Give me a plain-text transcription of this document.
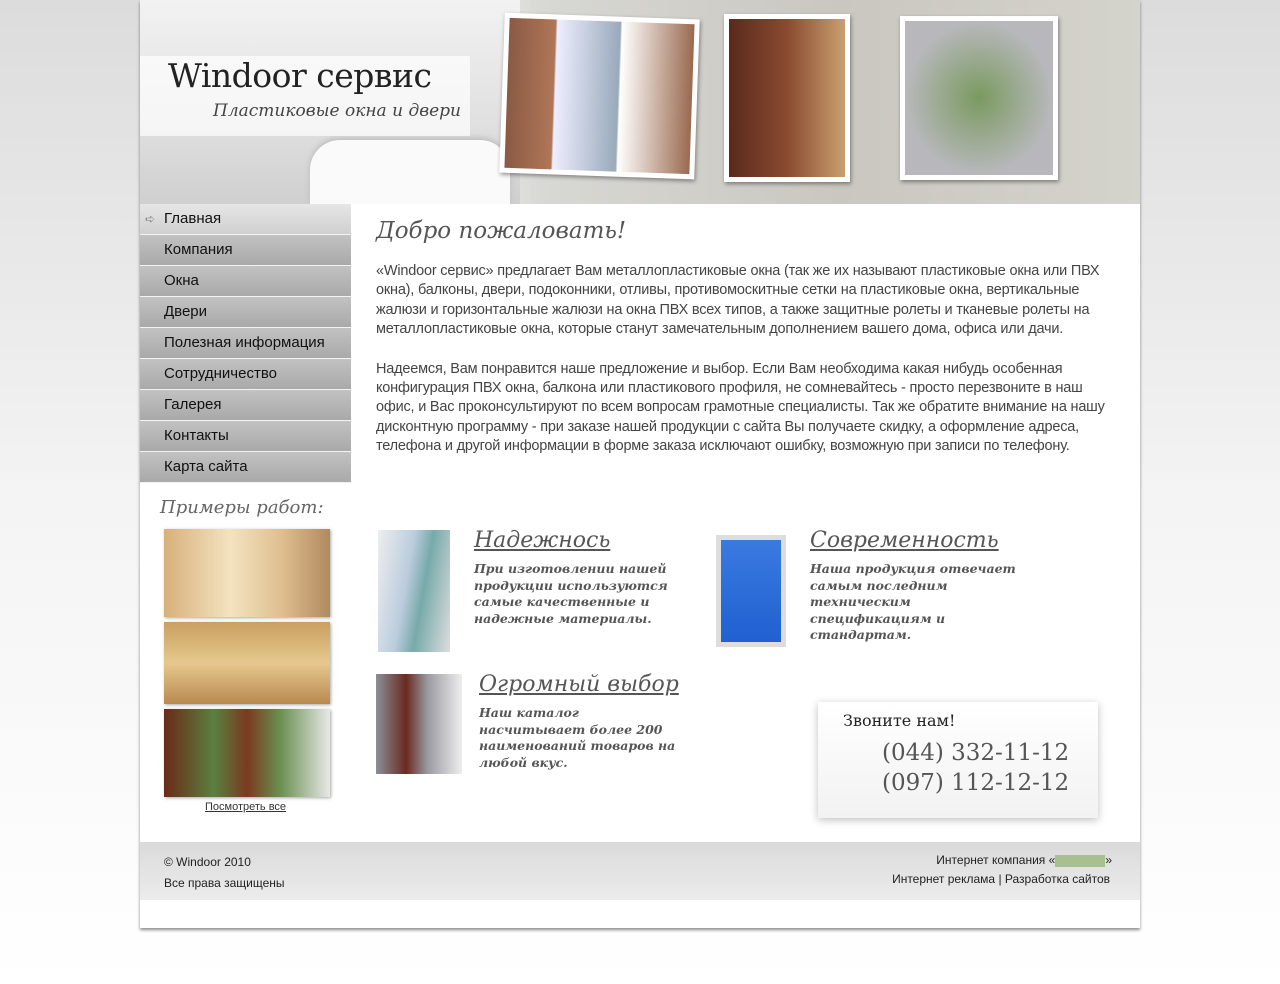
Windoor сервис
Пластиковые окна и двери
➪ Главная
Компания
Окна
Двери
Полезная информация
Сотрудничество
Галерея
Контакты
Карта сайта
Примеры работ:
Посмотреть все
Добро пожаловать!

«Windoor сервис» предлагает Вам металлопластиковые окна (так же их называют пластиковые окна или ПВХ окна), балконы, двери, подоконники, отливы, противомоскитные сетки на пластиковые окна, вертикальные жалюзи и горизонтальные жалюзи на окна ПВХ всех типов, а также защитные ролеты и тканевые ролеты на металлопластиковые окна, которые станут замечательным дополнением вашего дома, офиса или дачи.

Надеемся, Вам понравится наше предложение и выбор. Если Вам необходима какая нибудь особенная конфигурация ПВХ окна, балкона или пластикового профиля, не сомневайтесь - просто перезвоните в наш офис, и Вас проконсультируют по всем вопросам грамотные специалисты. Так же обратите внимание на нашу дисконтную программу - при заказе нашей продукции с сайта Вы получаете скидку, а оформление адреса, телефона и другой информации в форме заказа исключают ошибку, возможную при записи по телефону.

Надежнось

При изготовлении нашей продукции используются самые качественные и надежные материалы.

Современность

Наша продукция отвечает самым последним техническим спецификациям и стандартам.

Огромный выбор

Наш каталог насчитывает более 200 наименований товаров на любой вкус.

Звоните нам!
(044) 332-11-12
(097) 112-12-12
© Windoor 2010
Все права защищены
Интернет компания «	»
Интернет реклама | Разработка сайтов
